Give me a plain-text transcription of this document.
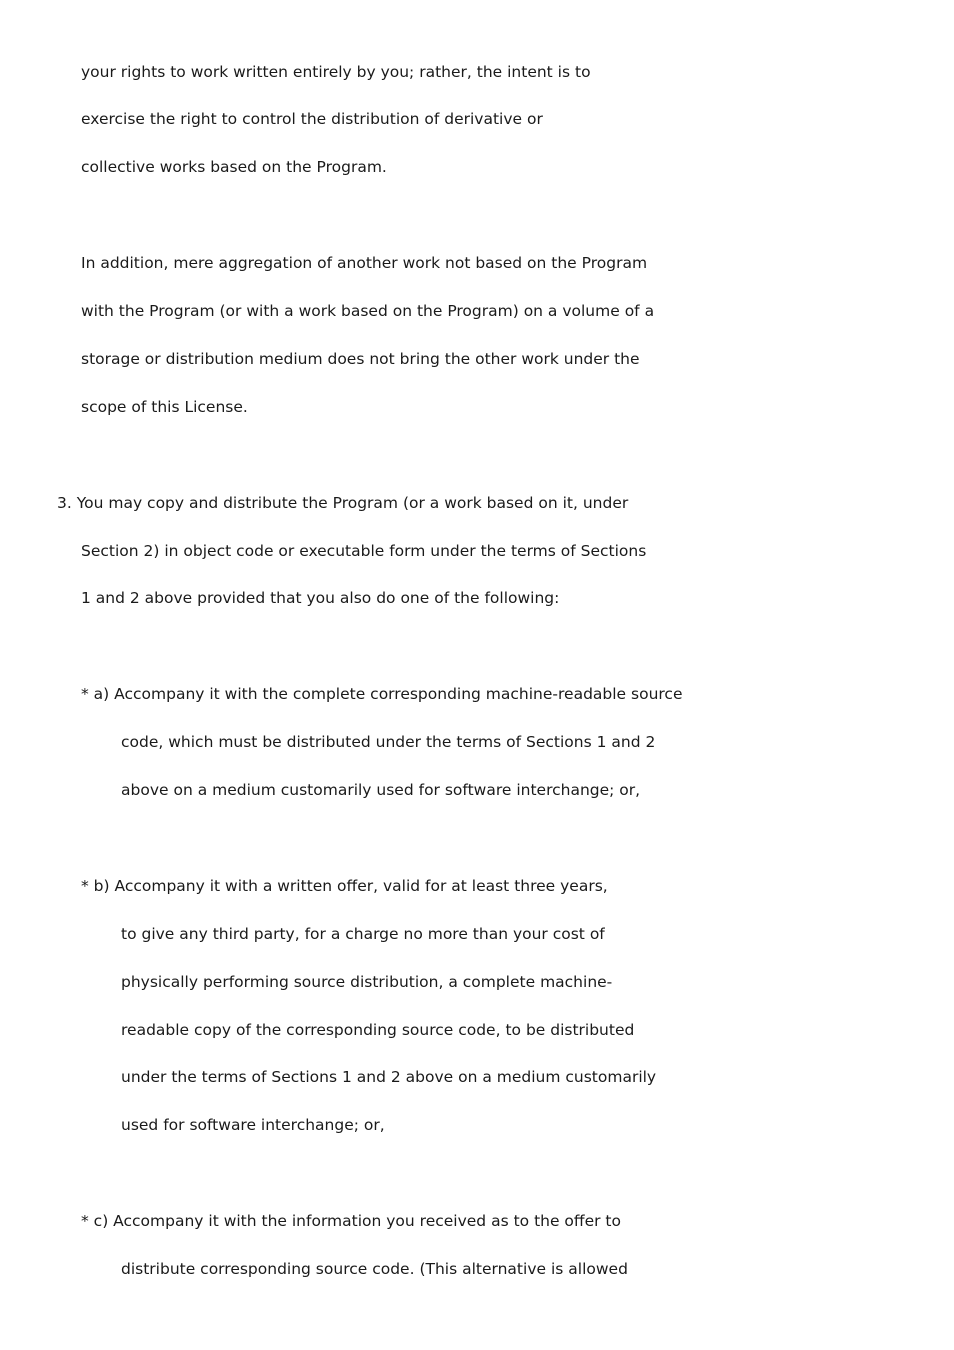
your rights to work written entirely by you; rather, the intent is to
exercise the right to control the distribution of derivative or
collective works based on the Program.
In addition, mere aggregation of another work not based on the Program
with the Program (or with a work based on the Program) on a volume of a
storage or distribution medium does not bring the other work under the
scope of this License.
3. You may copy and distribute the Program (or a work based on it, under
Section 2) in object code or executable form under the terms of Sections
1 and 2 above provided that you also do one of the following:
* a) Accompany it with the complete corresponding machine-readable source
code, which must be distributed under the terms of Sections 1 and 2
above on a medium customarily used for software interchange; or,
* b) Accompany it with a written offer, valid for at least three years,
to give any third party, for a charge no more than your cost of
physically performing source distribution, a complete machine-
readable copy of the corresponding source code, to be distributed
under the terms of Sections 1 and 2 above on a medium customarily
used for software interchange; or,
* c) Accompany it with the information you received as to the offer to
distribute corresponding source code. (This alternative is allowed
